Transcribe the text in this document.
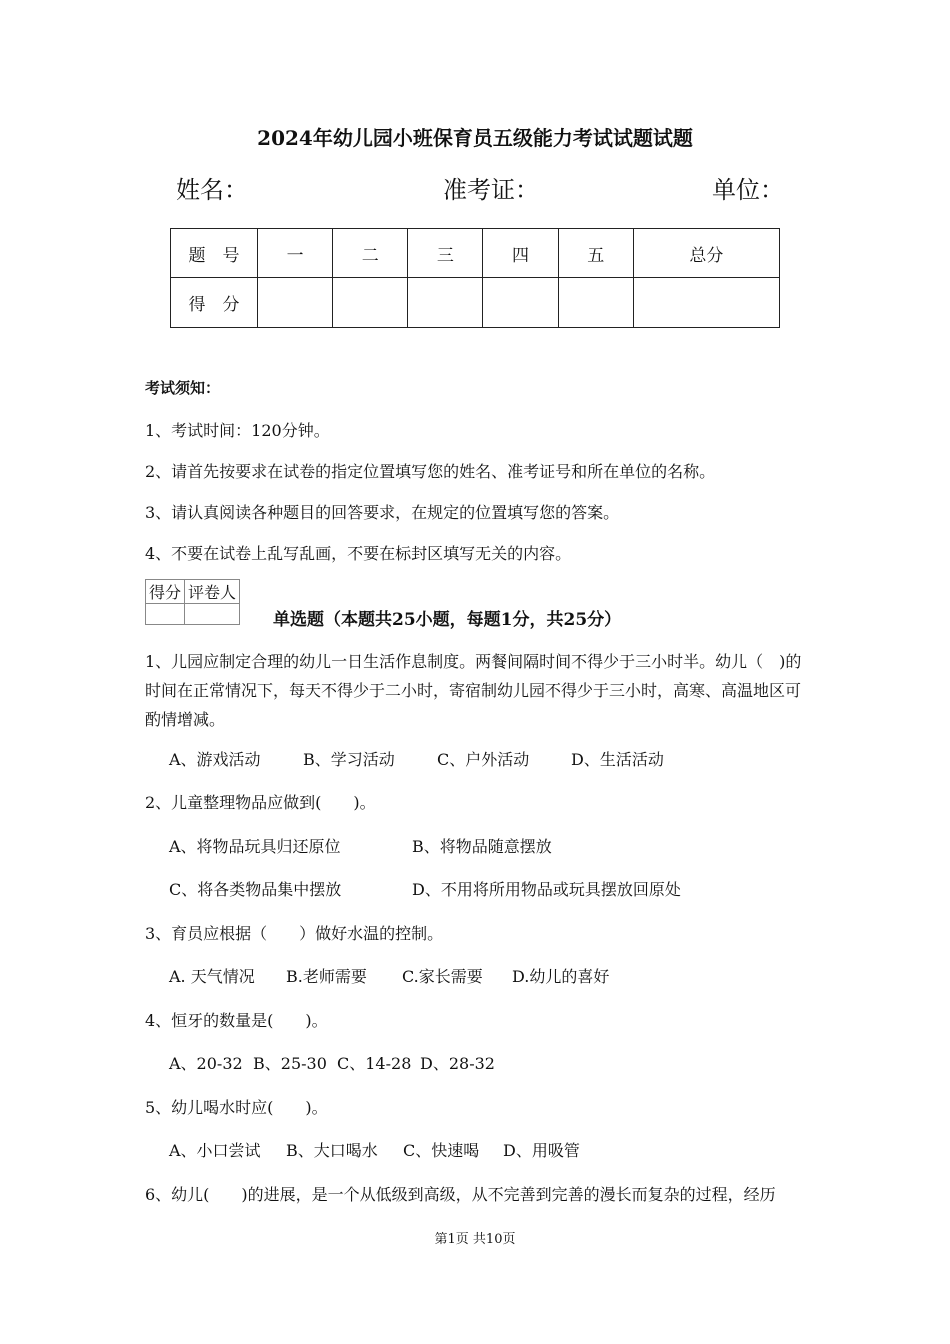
2024年幼儿园小班保育员五级能力考试试题试题
姓名：	准考证：	单位：
题　号	一	二	三	四	五	总分
得　分						
考试须知：
1、考试时间：120分钟。
2、请首先按要求在试卷的指定位置填写您的姓名、准考证号和所在单位的名称。
3、请认真阅读各种题目的回答要求，在规定的位置填写您的答案。
4、不要在试卷上乱写乱画，不要在标封区填写无关的内容。
得分	评卷人

单选题（本题共25小题，每题1分，共25分）
1、儿园应制定合理的幼儿一日生活作息制度。两餐间隔时间不得少于三小时半。幼儿（　)的时间在正常情况下，每天不得少于二小时，寄宿制幼儿园不得少于三小时，高寒、高温地区可酌情增减。
A、游戏活动	B、学习活动	C、户外活动	D、生活活动
2、儿童整理物品应做到(　　)。
A、将物品玩具归还原位	B、将物品随意摆放
C、将各类物品集中摆放	D、不用将所用物品或玩具摆放回原处
3、育员应根据（　　）做好水温的控制。
A. 天气情况 B.老师需要 C.家长需要 D.幼儿的喜好
4、恒牙的数量是(　　)。
A、20-32 B、25-30 C、14-28 D、28-32
5、幼儿喝水时应(　　)。
A、小口尝试 B、大口喝水 C、快速喝 D、用吸管
6、幼儿(　　)的进展，是一个从低级到高级，从不完善到完善的漫长而复杂的过程，经历
第1页 共10页
